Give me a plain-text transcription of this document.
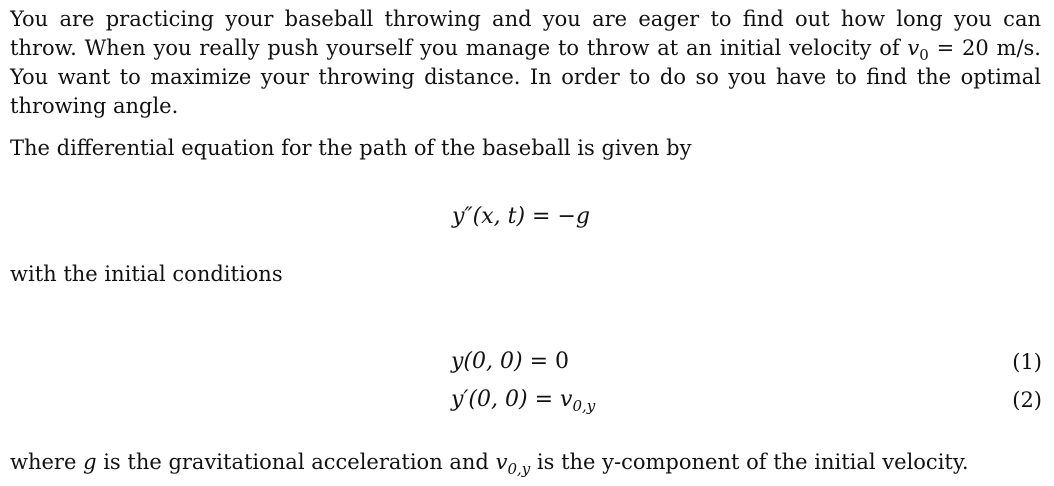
You are practicing your baseball throwing and you are eager to find out how long you can throw. When you really push yourself you manage to throw at an initial velocity of $v_0 = 20$ m/s. You want to maximize your throwing distance. In order to do so you have to find the optimal throwing angle.

The differential equation for the path of the baseball is given by

y″(x, t) = −g

with the initial conditions

y(0, 0) = 0	(1)
y′(0, $0) = v_{0,y}$	(2)

where g is the gravitational acceleration and $v_{0,y}$ is the y-component of the initial velocity.
